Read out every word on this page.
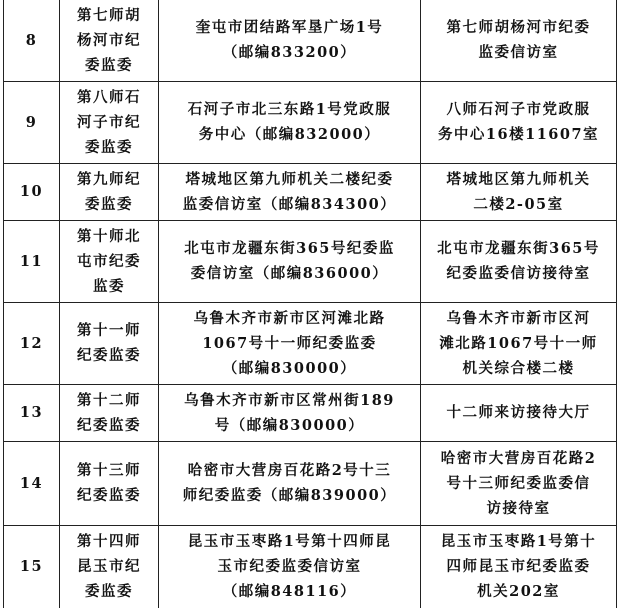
8	第七师胡
杨河市纪
委监委	奎屯市团结路军垦广场1号
（邮编833200）	第七师胡杨河市纪委
监委信访室
9	第八师石
河子市纪
委监委	石河子市北三东路1号党政服
务中心（邮编832000）	八师石河子市党政服
务中心16楼11607室
10	第九师纪
委监委	塔城地区第九师机关二楼纪委
监委信访室（邮编834300）	塔城地区第九师机关
二楼2-05室
11	第十师北
屯市纪委
监委	北屯市龙疆东街365号纪委监
委信访室（邮编836000）	北屯市龙疆东街365号
纪委监委信访接待室
12	第十一师
纪委监委	乌鲁木齐市新市区河滩北路
1067号十一师纪委监委
（邮编830000）	乌鲁木齐市新市区河
滩北路1067号十一师
机关综合楼二楼
13	第十二师
纪委监委	乌鲁木齐市新市区常州街189
号（邮编830000）	十二师来访接待大厅
14	第十三师
纪委监委	哈密市大营房百花路2号十三
师纪委监委（邮编839000）	哈密市大营房百花路2
号十三师纪委监委信
访接待室
15	第十四师
昆玉市纪
委监委	昆玉市玉枣路1号第十四师昆
玉市纪委监委信访室
（邮编848116）	昆玉市玉枣路1号第十
四师昆玉市纪委监委
机关202室
